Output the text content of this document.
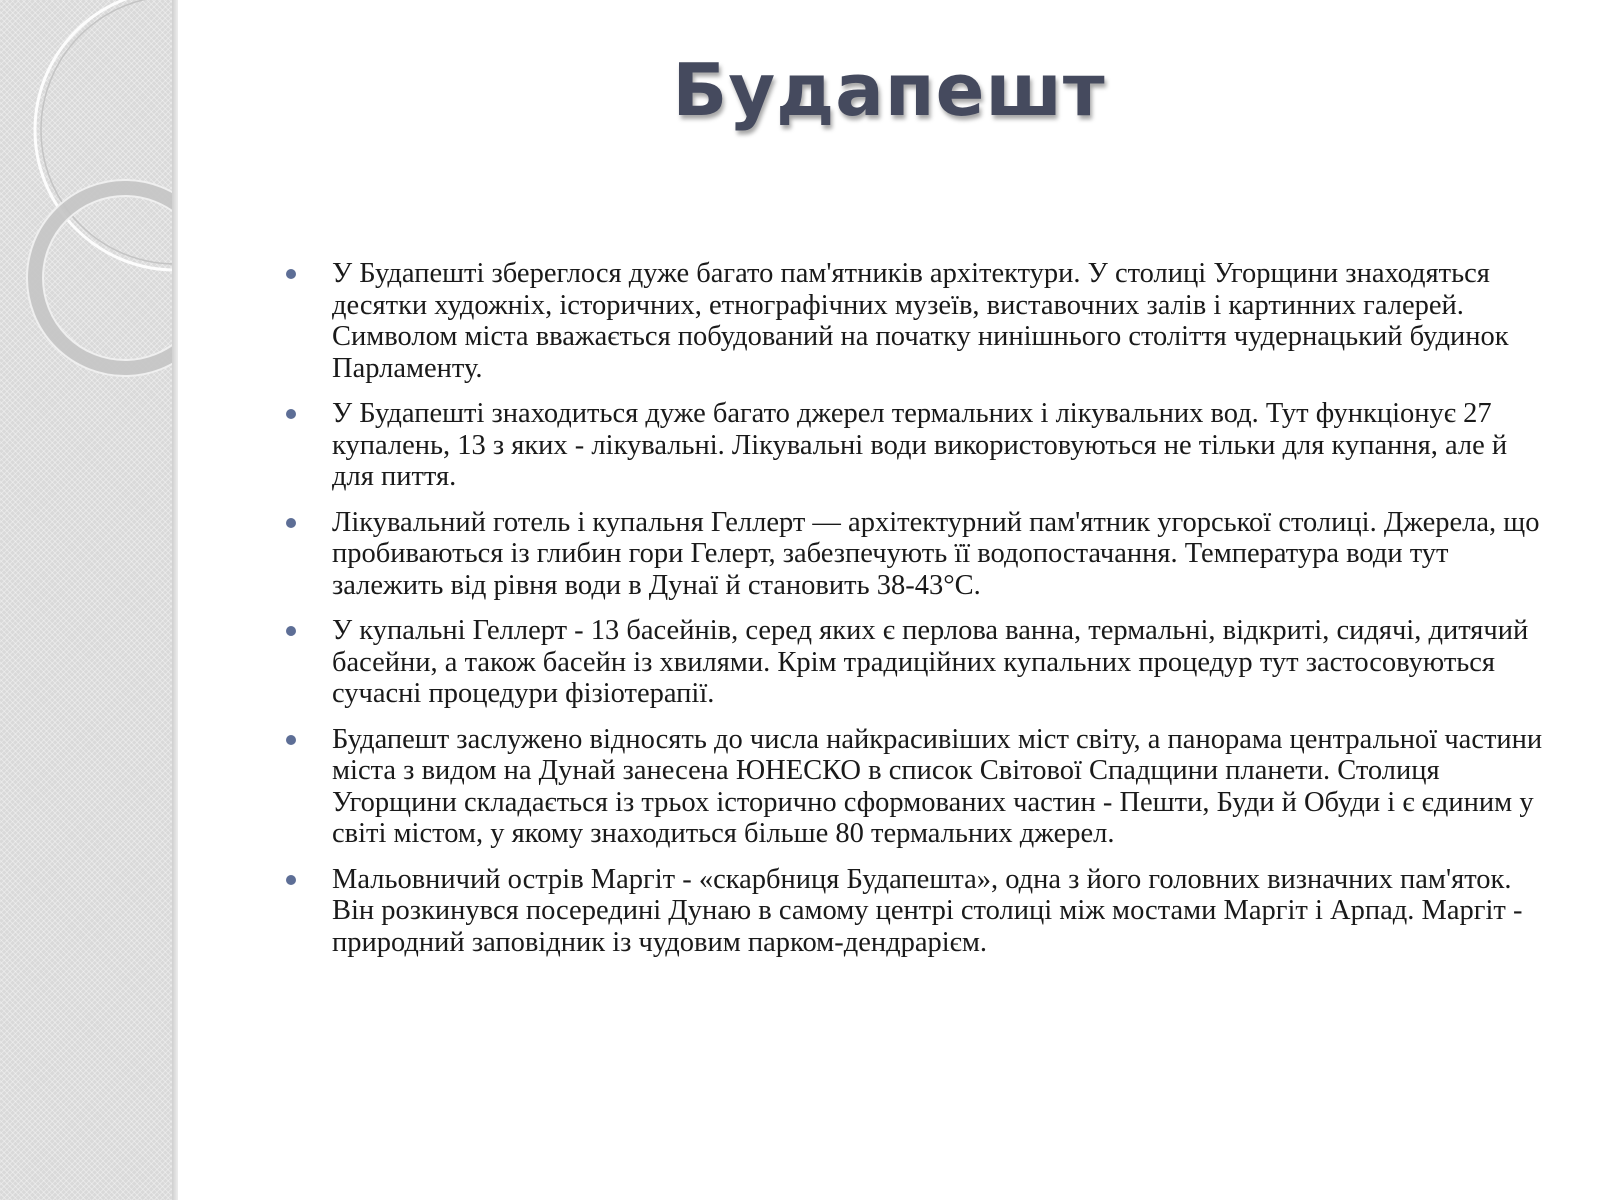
Будапешт
У Будапешті збереглося дуже багато пам'ятників архітектури. У столиці Угорщини знаходяться десятки художніх, історичних, етнографічних музеїв, виставочних залів і картинних галерей. Символом міста вважається побудований на початку нинішнього століття чудернацький будинок Парламенту.
У Будапешті знаходиться дуже багато джерел термальних і лікувальних вод. Тут функціонує 27 купалень, 13 з яких - лікувальні. Лікувальні води використовуються не тільки для купання, але й для пиття.
Лікувальний готель і купальня Геллерт — архітектурний пам'ятник угорської столиці. Джерела, що пробиваються із глибин гори Гелерт, забезпечують її водопостачання. Температура води тут залежить від рівня води в Дунаї й становить 38-43°С.
У купальні Геллерт - 13 басейнів, серед яких є перлова ванна, термальні, відкриті, сидячі, дитячий басейни, а також басейн із хвилями. Крім традиційних купальних процедур тут застосовуються сучасні процедури фізіотерапії.
Будапешт заслужено відносять до числа найкрасивіших міст світу, а панорама центральної частини міста з видом на Дунай занесена ЮНЕСКО в список Світової Спадщини планети. Столиця Угорщини складається із трьох історично сформованих частин - Пешти, Буди й Обуди і є єдиним у світі містом, у якому знаходиться більше 80 термальних джерел.
Мальовничий острів Маргіт - «скарбниця Будапешта», одна з його головних визначних пам'яток. Він розкинувся посередині Дунаю в самому центрі столиці між мостами Маргіт і Арпад. Маргіт - природний заповідник із чудовим парком-дендрарієм.
